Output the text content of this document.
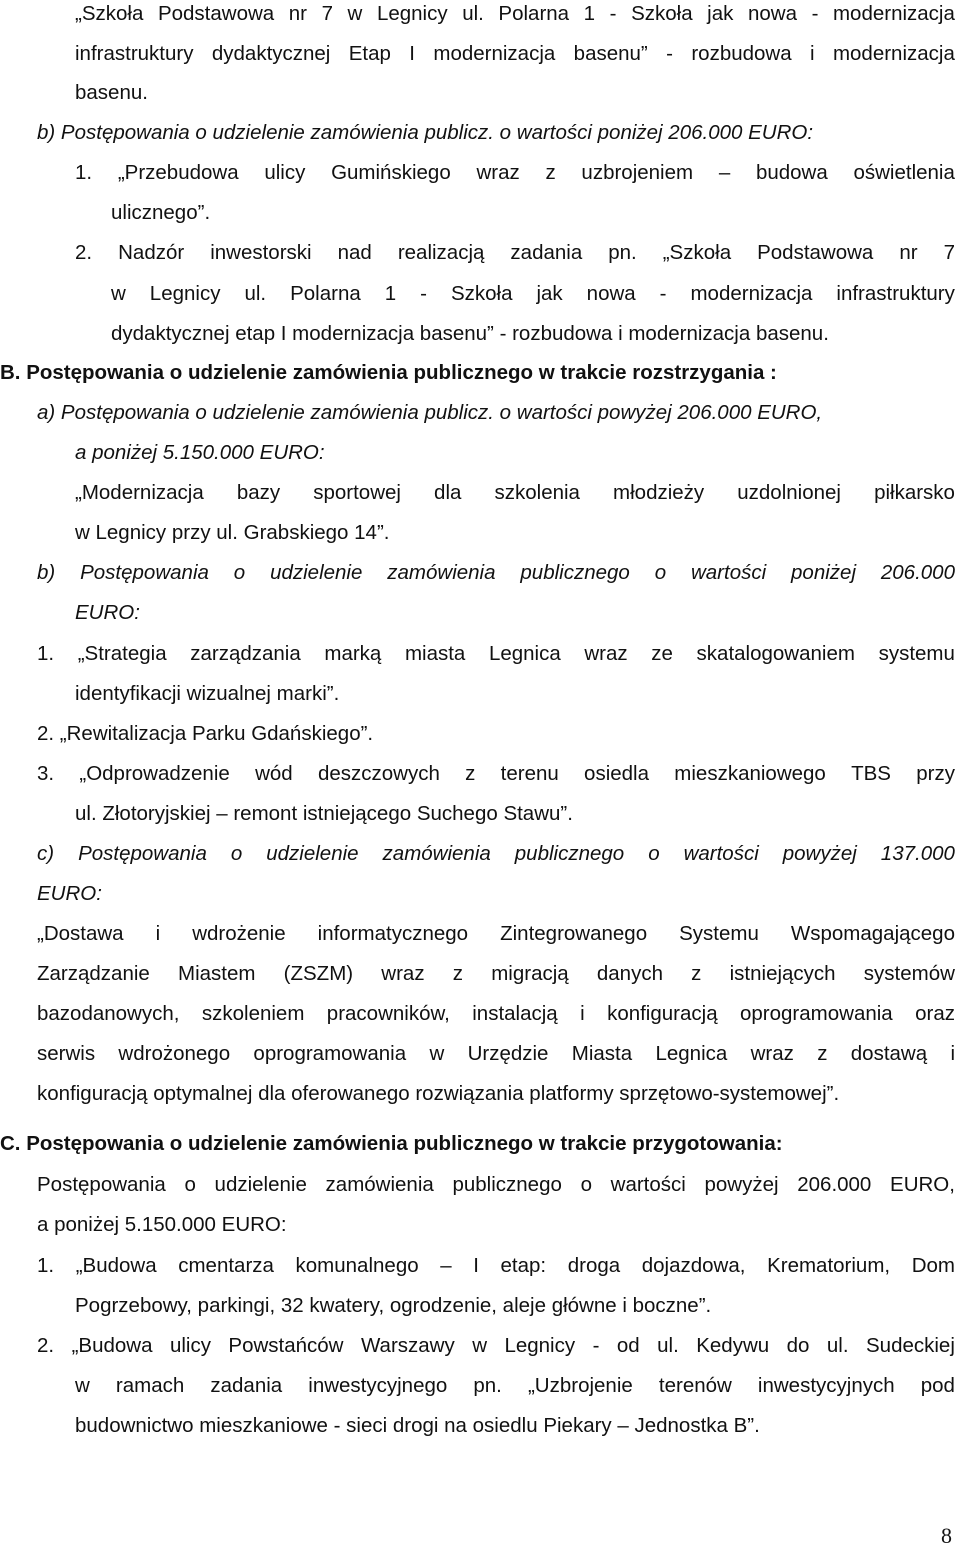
„Szkoła Podstawowa nr 7 w Legnicy ul. Polarna 1 - Szkoła jak nowa - modernizacja
infrastruktury dydaktycznej Etap I modernizacja basenu” - rozbudowa i modernizacja
basenu.
b) Postępowania o udzielenie zamówienia publicz. o wartości poniżej 206.000 EURO:
1. „Przebudowa ulicy Gumińskiego wraz z uzbrojeniem – budowa oświetlenia
ulicznego”.
2. Nadzór inwestorski nad realizacją zadania pn. „Szkoła Podstawowa nr 7
w Legnicy ul. Polarna 1 - Szkoła jak nowa - modernizacja infrastruktury
dydaktycznej etap I modernizacja basenu” - rozbudowa i modernizacja basenu.
B. Postępowania o udzielenie zamówienia publicznego w trakcie rozstrzygania :
a) Postępowania o udzielenie zamówienia publicz. o wartości powyżej 206.000 EURO,
a poniżej 5.150.000 EURO:
„Modernizacja bazy sportowej dla szkolenia młodzieży uzdolnionej piłkarsko
w Legnicy przy ul. Grabskiego 14”.
b) Postępowania o udzielenie zamówienia publicznego o wartości poniżej 206.000
EURO:
1. „Strategia zarządzania marką miasta Legnica wraz ze skatalogowaniem systemu
identyfikacji wizualnej marki”.
2. „Rewitalizacja Parku Gdańskiego”.
3. „Odprowadzenie wód deszczowych z terenu osiedla mieszkaniowego TBS przy
ul. Złotoryjskiej – remont istniejącego Suchego Stawu”.
c) Postępowania o udzielenie zamówienia publicznego o wartości powyżej 137.000
EURO:
„Dostawa i wdrożenie informatycznego Zintegrowanego Systemu Wspomagającego
Zarządzanie Miastem (ZSZM) wraz z migracją danych z istniejących systemów
bazodanowych, szkoleniem pracowników, instalacją i konfiguracją oprogramowania oraz
serwis wdrożonego oprogramowania w Urzędzie Miasta Legnica wraz z dostawą i
konfiguracją optymalnej dla oferowanego rozwiązania platformy sprzętowo-systemowej”.
C. Postępowania o udzielenie zamówienia publicznego w trakcie przygotowania:
Postępowania o udzielenie zamówienia publicznego o wartości powyżej 206.000 EURO,
a poniżej 5.150.000 EURO:
1. „Budowa cmentarza komunalnego – I etap: droga dojazdowa, Krematorium, Dom
Pogrzebowy, parkingi, 32 kwatery, ogrodzenie, aleje główne i boczne”.
2. „Budowa ulicy Powstańców Warszawy w Legnicy - od ul. Kedywu do ul. Sudeckiej
w ramach zadania inwestycyjnego pn. „Uzbrojenie terenów inwestycyjnych pod
budownictwo mieszkaniowe - sieci drogi na osiedlu Piekary – Jednostka B”.
8
